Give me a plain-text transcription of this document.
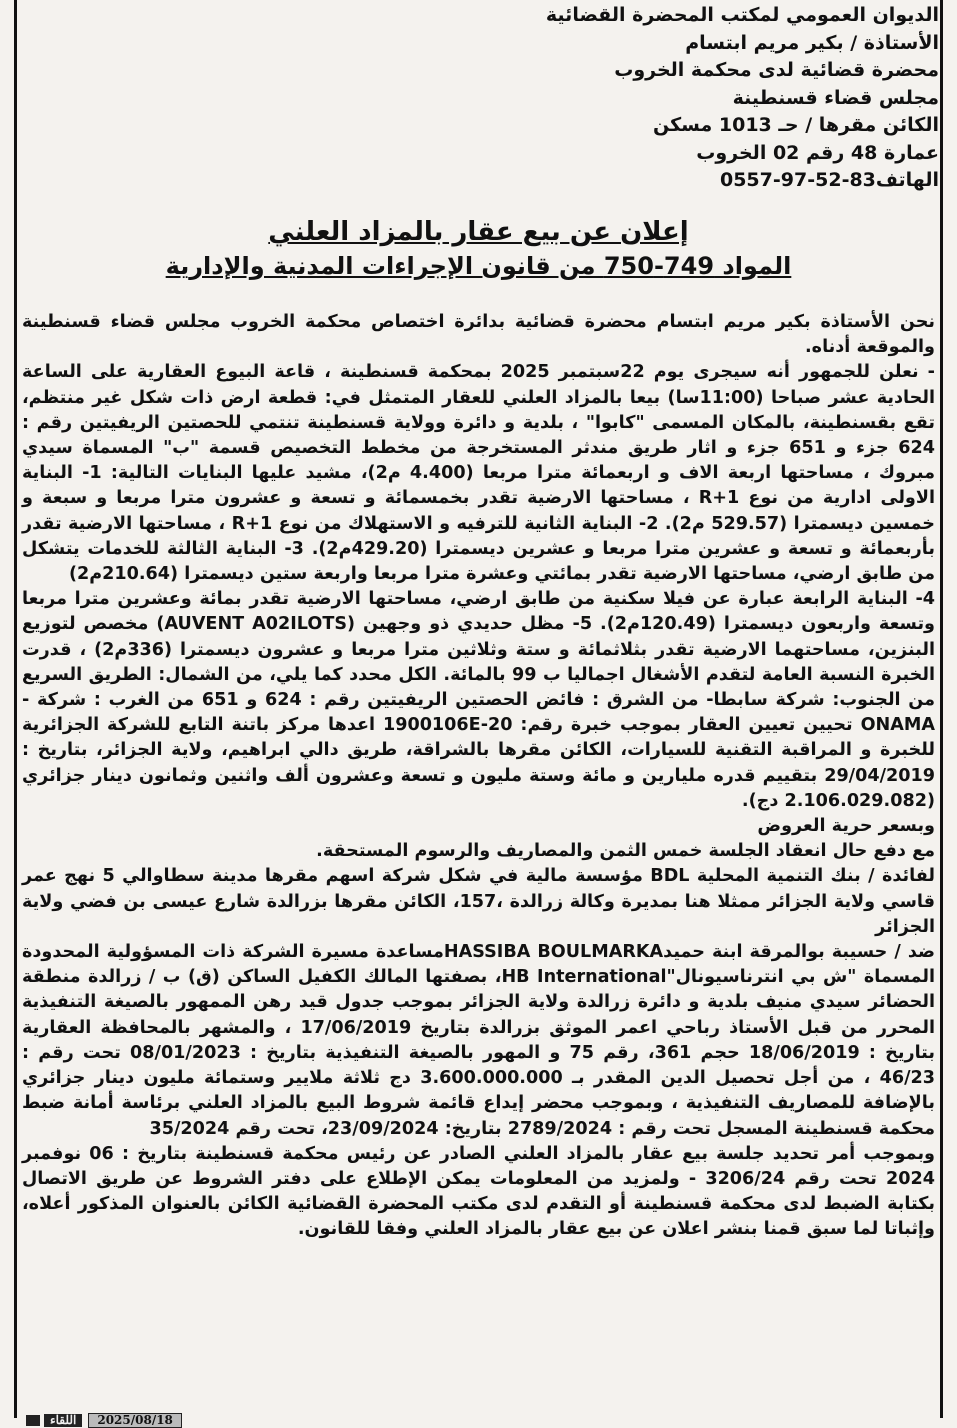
الديوان العمومي لمكتب المحضرة القضائية
الأستاذة / بكير مريم ابتسام
محضرة قضائية لدى محكمة الخروب
مجلس قضاء قسنطينة
الكائن مقرها / حـ 1013 مسكن
عمارة 48 رقم 02 الخروب
الهاتف83-52-97-0557
إعلان عن بيع عقار بالمزاد العلني
المواد 749-750 من قانون الإجراءات المدنية والإدارية

نحن الأستاذة بكير مريم ابتسام محضرة قضائية بدائرة اختصاص محكمة الخروب مجلس قضاء قسنطينة والموقعة أدناه.

- نعلن للجمهور أنه سيجرى يوم 22سبتمبر 2025 بمحكمة قسنطينة ، قاعة البيوع العقارية على الساعة الحادية عشر صباحا (11:00سا) بيعا بالمزاد العلني للعقار المتمثل في: قطعة ارض ذات شكل غير منتظم، تقع بقسنطينة، بالمكان المسمى "كابوا" ، بلدية و دائرة وولاية قسنطينة تنتمي للحصتين الريفيتين رقم : 624 جزء و 651 جزء و اثار طريق مندثر المستخرجة من مخطط التخصيص قسمة "ب" المسماة سيدي مبروك ، مساحتها اربعة الاف و اربعمائة مترا مربعا (4.400 م2)، مشيد عليها البنايات التالية: 1- البناية الاولى ادارية من نوع R+1 ، مساحتها الارضية تقدر بخمسمائة و تسعة و عشرون مترا مربعا و سبعة و خمسين ديسمترا (529.57 م2). 2- البناية الثانية للترفيه و الاستهلاك من نوع R+1 ، مساحتها الارضية تقدر بأربعمائة و تسعة و عشرين مترا مربعا و عشرين ديسمترا (429.20م2). 3- البناية الثالثة للخدمات يتشكل من طابق ارضي، مساحتها الارضية تقدر بمائتي وعشرة مترا مربعا واربعة ستين ديسمترا (210.64م2)

4- البناية الرابعة عبارة عن فيلا سكنية من طابق ارضي، مساحتها الارضية تقدر بمائة وعشرين مترا مربعا وتسعة واربعون ديسمترا (120.49م2). 5- مظل حديدي ذو وجهين (AUVENT A02ILOTS) مخصص لتوزيع البنزين، مساحتهما الارضية تقدر بثلاثمائة و ستة وثلاثين مترا مربعا و عشرون ديسمترا (336م2) ، قدرت الخبرة النسبة العامة لتقدم الأشغال اجماليا ب 99 بالمائة. الكل محدد كما يلي، من الشمال: الطريق السريع من الجنوب: شركة سابطا- من الشرق : فائض الحصتين الريفيتين رقم : 624 و 651 من الغرب : شركة - ONAMA تحيين تعيين العقار بموجب خبرة رقم: 20-1900106E اعدها مركز باتنة التابع للشركة الجزائرية للخبرة و المراقبة التقنية للسيارات، الكائن مقرها بالشراقة، طريق دالي ابراهيم، ولاية الجزائر، بتاريخ : 29/04/2019 بتقييم قدره مليارين و مائة وستة مليون و تسعة وعشرون ألف واثنين وثمانون دينار جزائري (2.106.029.082 دج).

وبسعر حرية العروض

مع دفع حال انعقاد الجلسة خمس الثمن والمصاريف والرسوم المستحقة.

لفائدة / بنك التنمية المحلية BDL مؤسسة مالية في شكل شركة اسهم مقرها مدينة سطاوالي 5 نهج عمر قاسي ولاية الجزائر ممثلا هنا بمديرة وكالة زرالدة ،157، الكائن مقرها بزرالدة شارع عيسى بن فضي ولاية الجزائر

ضد / حسيبة بوالمرقة ابنة حميدHASSIBA BOULMARKAمساعدة مسيرة الشركة ذات المسؤولية المحدودة المسماة "ش بي انترناسيونال"HB International، بصفتها المالك الكفيل الساكن (ق) ب / زرالدة منطقة الحضائر سيدي منيف بلدية و دائرة زرالدة ولاية الجزائر بموجب جدول قيد رهن الممهور بالصيغة التنفيذية المحرر من قبل الأستاذ رباحي اعمر الموثق بزرالدة بتاريخ 17/06/2019 ، والمشهر بالمحافظة العقارية بتاريخ : 18/06/2019 حجم 361، رقم 75 و المهور بالصيغة التنفيذية بتاريخ : 08/01/2023 تحت رقم : 46/23 ، من أجل تحصيل الدين المقدر بـ 3.600.000.000 دج ثلاثة ملايير وستمائة مليون دينار جزائري بالإضافة للمصاريف التنفيذية ، وبموجب محضر إيداع قائمة شروط البيع بالمزاد العلني برئاسة أمانة ضبط محكمة قسنطينة المسجل تحت رقم : 2789/2024 بتاريخ: 23/09/2024، تحت رقم 35/2024

وبموجب أمر تحديد جلسة بيع عقار بالمزاد العلني الصادر عن رئيس محكمة قسنطينة بتاريخ : 06 نوفمبر 2024 تحت رقم 3206/24 - ولمزيد من المعلومات يمكن الإطلاع على دفتر الشروط عن طريق الاتصال بكتابة الضبط لدى محكمة قسنطينة أو التقدم لدى مكتب المحضرة القضائية الكائن بالعنوان المذكور أعلاه، وإثباتا لما سبق قمنا بنشر اعلان عن بيع عقار بالمزاد العلني وفقا للقانون.

اللقاء	2025/08/18
